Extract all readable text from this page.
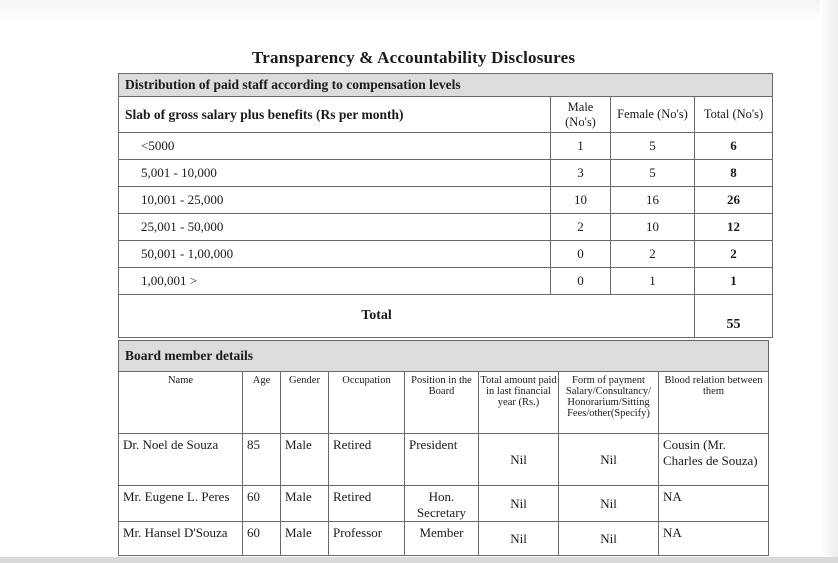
Transparency & Accountability Disclosures
Distribution of paid staff according to compensation levels			
Slab of gross salary plus benefits (Rs per month)	Male (No's)	Female (No's)	Total (No's)
<5000	1	5	6
5,001 - 10,000	3	5	8
10,001 - 25,000	10	16	26
25,001 - 50,000	2	10	12
50,001 - 1,00,000	0	2	2
1,00,001 >	0	1	1
Total			55
Board member details							
Name	Age	Gender	Occupation	Position in the Board	Total amount paid in last financial year (Rs.)	Form of payment Salary/Consultancy/ Honorarium/Sitting Fees/other(Specify)	Blood relation between them
Dr. Noel de Souza	85	Male	Retired	President	Nil	Nil	Cousin (Mr. Charles de Souza)
Mr. Eugene L. Peres	60	Male	Retired	Hon. Secretary	Nil	Nil	NA
Mr. Hansel D'Souza	60	Male	Professor	Member	Nil	Nil	NA
